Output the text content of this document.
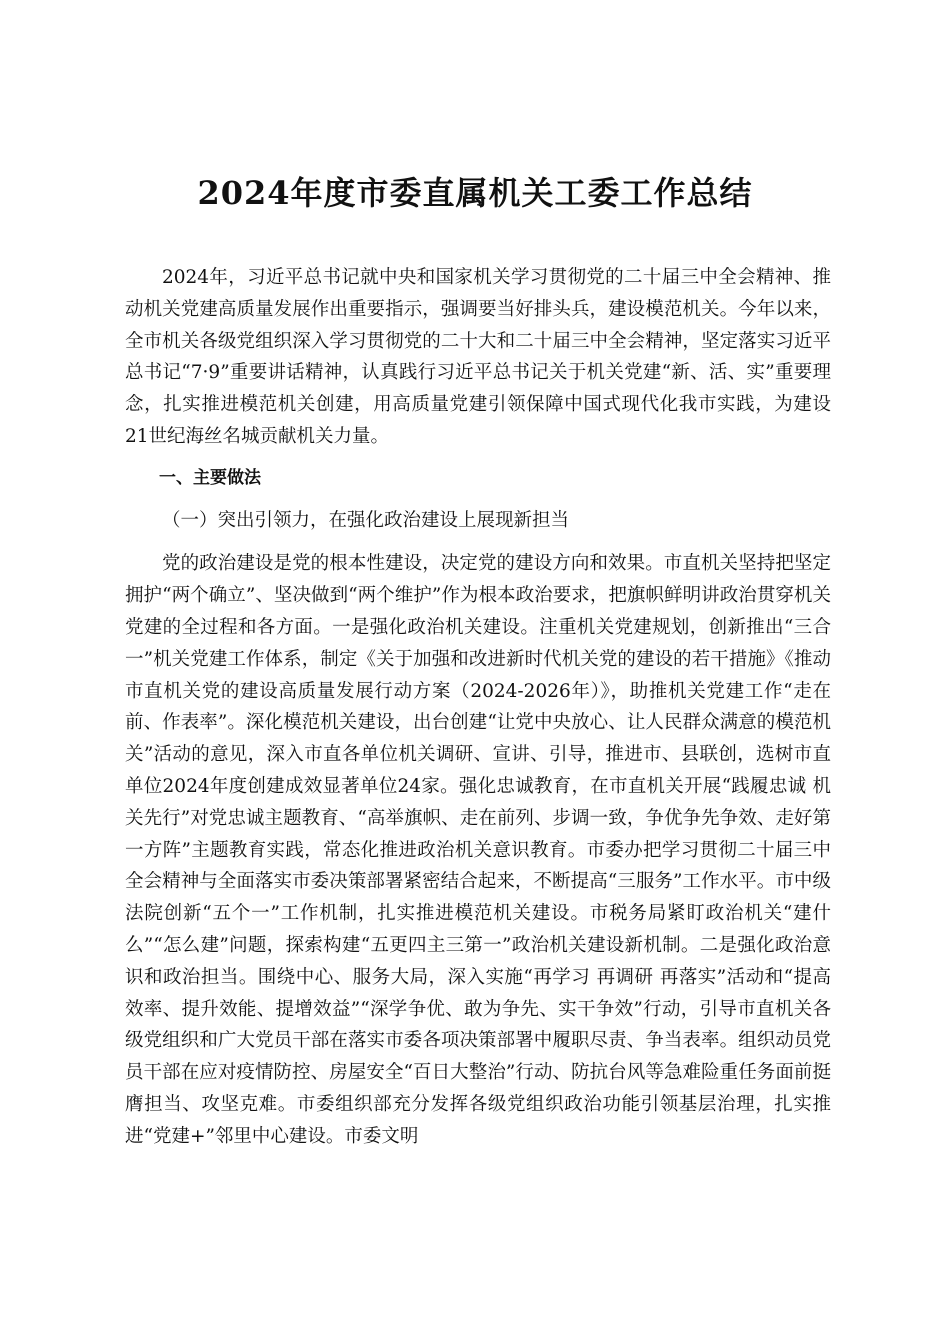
2024年度市委直属机关工委工作总结

2024年，习近平总书记就中央和国家机关学习贯彻党的二十届三中全会精神、推动机关党建高质量发展作出重要指示，强调要当好排头兵，建设模范机关。今年以来，全市机关各级党组织深入学习贯彻党的二十大和二十届三中全会精神，坚定落实习近平总书记“7·9”重要讲话精神，认真践行习近平总书记关于机关党建“新、活、实”重要理念，扎实推进模范机关创建，用高质量党建引领保障中国式现代化我市实践，为建设21世纪海丝名城贡献机关力量。

一、主要做法

（一）突出引领力，在强化政治建设上展现新担当

党的政治建设是党的根本性建设，决定党的建设方向和效果。市直机关坚持把坚定拥护“两个确立”、坚决做到“两个维护”作为根本政治要求，把旗帜鲜明讲政治贯穿机关党建的全过程和各方面。一是强化政治机关建设。注重机关党建规划，创新推出“三合一”机关党建工作体系，制定《关于加强和改进新时代机关党的建设的若干措施》《推动市直机关党的建设高质量发展行动方案（2024-2026年）》，助推机关党建工作“走在前、作表率”。深化模范机关建设，出台创建“让党中央放心、让人民群众满意的模范机关”活动的意见，深入市直各单位机关调研、宣讲、引导，推进市、县联创，选树市直单位2024年度创建成效显著单位24家。强化忠诚教育，在市直机关开展“践履忠诚 机关先行”对党忠诚主题教育、“高举旗帜、走在前列、步调一致，争优争先争效、走好第一方阵”主题教育实践，常态化推进政治机关意识教育。市委办把学习贯彻二十届三中全会精神与全面落实市委决策部署紧密结合起来，不断提高“三服务”工作水平。市中级法院创新“五个一”工作机制，扎实推进模范机关建设。市税务局紧盯政治机关“建什么”“怎么建”问题，探索构建“五更四主三第一”政治机关建设新机制。二是强化政治意识和政治担当。围绕中心、服务大局，深入实施“再学习 再调研 再落实”活动和“提高效率、提升效能、提增效益”“深学争优、敢为争先、实干争效”行动，引导市直机关各级党组织和广大党员干部在落实市委各项决策部署中履职尽责、争当表率。组织动员党员干部在应对疫情防控、房屋安全“百日大整治”行动、防抗台风等急难险重任务面前挺膺担当、攻坚克难。市委组织部充分发挥各级党组织政治功能引领基层治理，扎实推进“党建+”邻里中心建设。市委文明
